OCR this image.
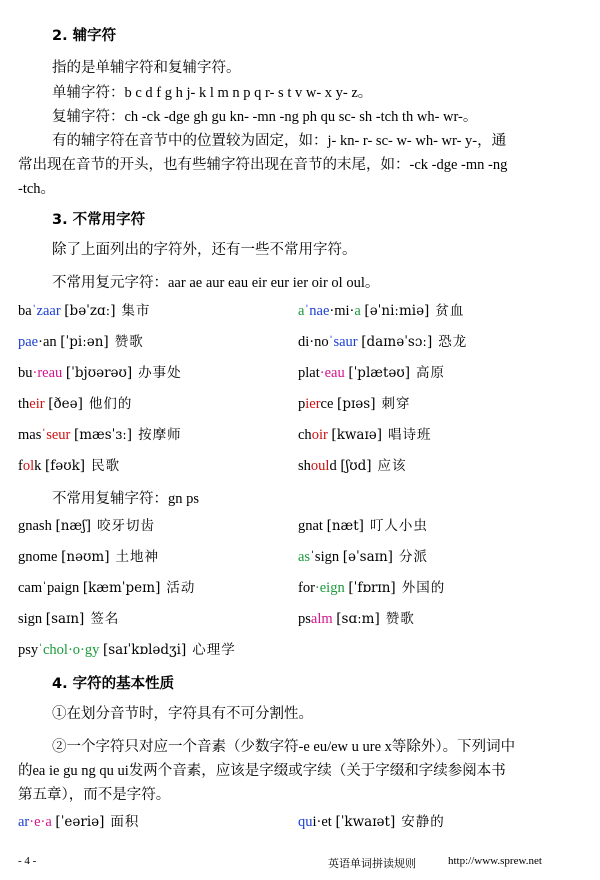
2. 辅字符
指的是单辅字符和复辅字符。
单辅字符：b c d f g h j- k l m n p q r- s t v w- x y- z。
复辅字符：ch -ck -dge gh gu kn- -mn -ng ph qu sc- sh -tch th wh- wr-。
有的辅字符在音节中的位置较为固定，如：j- kn- r- sc- w- wh- wr- y-，通
常出现在音节的开头，也有些辅字符出现在音节的末尾，如：-ck -dge -mn -ng
-tch。
3. 不常用字符
除了上面列出的字符外，还有一些不常用字符。
不常用复元字符：aar ae aur eau eir eur ier oir ol oul。
baˈzaar [bəˈzɑː] 集市	aˈnae·mi·a [əˈniːmiə] 贫血
pae·an [ˈpiːən] 赞歌	di·noˈsaur [daɪnəˈsɔː] 恐龙
bu·reau [ˈbjʊərəʊ] 办事处	plat·eau [ˈplætəʊ] 高原
their [ðeə] 他们的	pierce [pɪəs] 刺穿
masˈseur [mæsˈɜː] 按摩师	choir [kwaɪə] 唱诗班
folk [fəʊk] 民歌	should [ʃʊd] 应该
不常用复辅字符：gn ps
gnash [næʃ] 咬牙切齿	gnat [næt] 叮人小虫
gnome [nəʊm] 土地神	asˈsign [əˈsaɪn] 分派
camˈpaign [kæmˈpeɪn] 活动	for·eign [ˈfɒrɪn] 外国的
sign [saɪn] 签名	psalm [sɑːm] 赞歌
psyˈchol·o·gy [saɪˈkɒlədʒi] 心理学
4. 字符的基本性质
①在划分音节时，字符具有不可分割性。
②一个字符只对应一个音素（少数字符-e eu/ew u ure x等除外）。下列词中
的ea ie gu ng qu ui发两个音素，应该是字缀或字续（关于字缀和字续参阅本书
第五章），而不是字符。
ar·e·a [ˈeəriə] 面积	qui·et [ˈkwaɪət] 安静的
- 4 -	英语单词拼读规则	http://www.sprew.net
